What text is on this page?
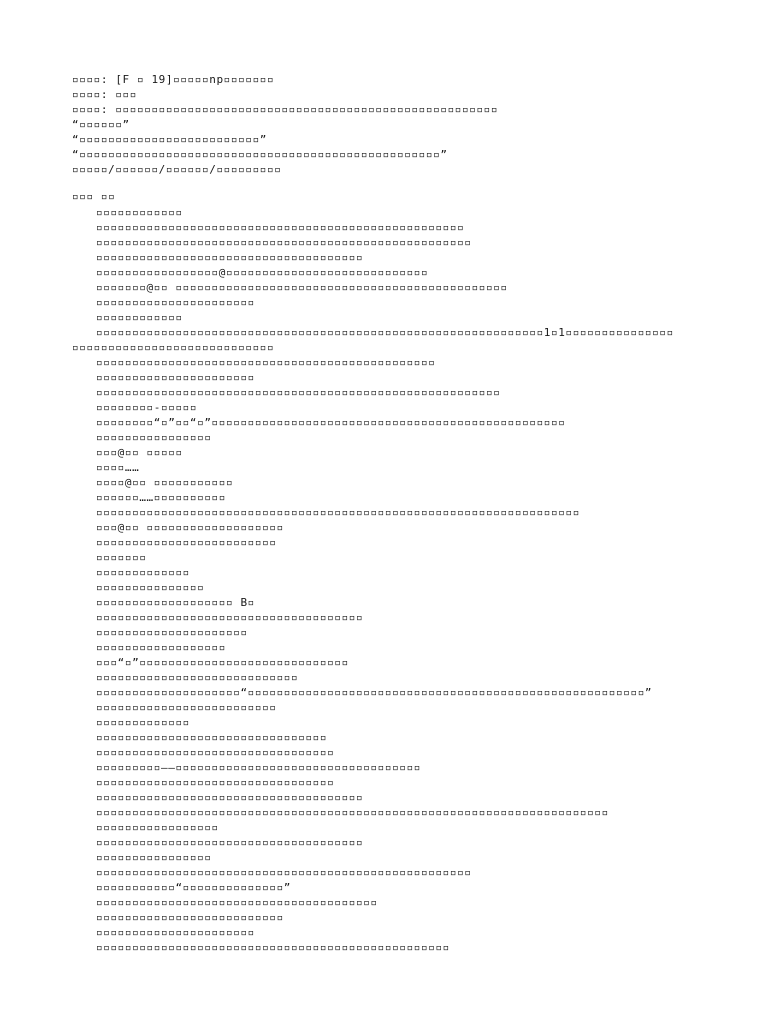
▫▫▫▫: [F ▫ 19]▫▫▫▫▫np▫▫▫▫▫▫▫
▫▫▫▫: ▫▫▫
▫▫▫▫: ▫▫▫▫▫▫▫▫▫▫▫▫▫▫▫▫▫▫▫▫▫▫▫▫▫▫▫▫▫▫▫▫▫▫▫▫▫▫▫▫▫▫▫▫▫▫▫▫▫▫▫▫▫
“▫▫▫▫▫▫”
“▫▫▫▫▫▫▫▫▫▫▫▫▫▫▫▫▫▫▫▫▫▫▫▫▫”
“▫▫▫▫▫▫▫▫▫▫▫▫▫▫▫▫▫▫▫▫▫▫▫▫▫▫▫▫▫▫▫▫▫▫▫▫▫▫▫▫▫▫▫▫▫▫▫▫▫▫”
▫▫▫▫▫/▫▫▫▫▫▫/▫▫▫▫▫▫/▫▫▫▫▫▫▫▫▫
▫▫▫ ▫▫
▫▫▫▫▫▫▫▫▫▫▫▫
▫▫▫▫▫▫▫▫▫▫▫▫▫▫▫▫▫▫▫▫▫▫▫▫▫▫▫▫▫▫▫▫▫▫▫▫▫▫▫▫▫▫▫▫▫▫▫▫▫▫▫
▫▫▫▫▫▫▫▫▫▫▫▫▫▫▫▫▫▫▫▫▫▫▫▫▫▫▫▫▫▫▫▫▫▫▫▫▫▫▫▫▫▫▫▫▫▫▫▫▫▫▫▫
▫▫▫▫▫▫▫▫▫▫▫▫▫▫▫▫▫▫▫▫▫▫▫▫▫▫▫▫▫▫▫▫▫▫▫▫▫
▫▫▫▫▫▫▫▫▫▫▫▫▫▫▫▫▫@▫▫▫▫▫▫▫▫▫▫▫▫▫▫▫▫▫▫▫▫▫▫▫▫▫▫▫▫
▫▫▫▫▫▫▫@▫▫ ▫▫▫▫▫▫▫▫▫▫▫▫▫▫▫▫▫▫▫▫▫▫▫▫▫▫▫▫▫▫▫▫▫▫▫▫▫▫▫▫▫▫▫▫▫▫
▫▫▫▫▫▫▫▫▫▫▫▫▫▫▫▫▫▫▫▫▫▫
▫▫▫▫▫▫▫▫▫▫▫▫
▫▫▫▫▫▫▫▫▫▫▫▫▫▫▫▫▫▫▫▫▫▫▫▫▫▫▫▫▫▫▫▫▫▫▫▫▫▫▫▫▫▫▫▫▫▫▫▫▫▫▫▫▫▫▫▫▫▫▫▫▫▫1▫1▫▫▫▫▫▫▫▫▫▫▫▫▫▫▫
▫▫▫▫▫▫▫▫▫▫▫▫▫▫▫▫▫▫▫▫▫▫▫▫▫▫▫▫
▫▫▫▫▫▫▫▫▫▫▫▫▫▫▫▫▫▫▫▫▫▫▫▫▫▫▫▫▫▫▫▫▫▫▫▫▫▫▫▫▫▫▫▫▫▫▫
▫▫▫▫▫▫▫▫▫▫▫▫▫▫▫▫▫▫▫▫▫▫
▫▫▫▫▫▫▫▫▫▫▫▫▫▫▫▫▫▫▫▫▫▫▫▫▫▫▫▫▫▫▫▫▫▫▫▫▫▫▫▫▫▫▫▫▫▫▫▫▫▫▫▫▫▫▫▫
▫▫▫▫▫▫▫▫-▫▫▫▫▫
▫▫▫▫▫▫▫▫“▫”▫▫“▫”▫▫▫▫▫▫▫▫▫▫▫▫▫▫▫▫▫▫▫▫▫▫▫▫▫▫▫▫▫▫▫▫▫▫▫▫▫▫▫▫▫▫▫▫▫▫▫▫▫
▫▫▫▫▫▫▫▫▫▫▫▫▫▫▫▫
▫▫▫@▫▫ ▫▫▫▫▫
▫▫▫▫……
▫▫▫▫@▫▫ ▫▫▫▫▫▫▫▫▫▫▫
▫▫▫▫▫▫……▫▫▫▫▫▫▫▫▫▫
▫▫▫▫▫▫▫▫▫▫▫▫▫▫▫▫▫▫▫▫▫▫▫▫▫▫▫▫▫▫▫▫▫▫▫▫▫▫▫▫▫▫▫▫▫▫▫▫▫▫▫▫▫▫▫▫▫▫▫▫▫▫▫▫▫▫▫
▫▫▫@▫▫ ▫▫▫▫▫▫▫▫▫▫▫▫▫▫▫▫▫▫▫
▫▫▫▫▫▫▫▫▫▫▫▫▫▫▫▫▫▫▫▫▫▫▫▫▫
▫▫▫▫▫▫▫
▫▫▫▫▫▫▫▫▫▫▫▫▫
▫▫▫▫▫▫▫▫▫▫▫▫▫▫▫
▫▫▫▫▫▫▫▫▫▫▫▫▫▫▫▫▫▫▫ B▫
▫▫▫▫▫▫▫▫▫▫▫▫▫▫▫▫▫▫▫▫▫▫▫▫▫▫▫▫▫▫▫▫▫▫▫▫▫
▫▫▫▫▫▫▫▫▫▫▫▫▫▫▫▫▫▫▫▫▫
▫▫▫▫▫▫▫▫▫▫▫▫▫▫▫▫▫▫
▫▫▫“▫”▫▫▫▫▫▫▫▫▫▫▫▫▫▫▫▫▫▫▫▫▫▫▫▫▫▫▫▫▫
▫▫▫▫▫▫▫▫▫▫▫▫▫▫▫▫▫▫▫▫▫▫▫▫▫▫▫▫
▫▫▫▫▫▫▫▫▫▫▫▫▫▫▫▫▫▫▫▫“▫▫▫▫▫▫▫▫▫▫▫▫▫▫▫▫▫▫▫▫▫▫▫▫▫▫▫▫▫▫▫▫▫▫▫▫▫▫▫▫▫▫▫▫▫▫▫▫▫▫▫▫▫▫▫”
▫▫▫▫▫▫▫▫▫▫▫▫▫▫▫▫▫▫▫▫▫▫▫▫▫
▫▫▫▫▫▫▫▫▫▫▫▫▫
▫▫▫▫▫▫▫▫▫▫▫▫▫▫▫▫▫▫▫▫▫▫▫▫▫▫▫▫▫▫▫▫
▫▫▫▫▫▫▫▫▫▫▫▫▫▫▫▫▫▫▫▫▫▫▫▫▫▫▫▫▫▫▫▫▫
▫▫▫▫▫▫▫▫▫——▫▫▫▫▫▫▫▫▫▫▫▫▫▫▫▫▫▫▫▫▫▫▫▫▫▫▫▫▫▫▫▫▫▫
▫▫▫▫▫▫▫▫▫▫▫▫▫▫▫▫▫▫▫▫▫▫▫▫▫▫▫▫▫▫▫▫▫
▫▫▫▫▫▫▫▫▫▫▫▫▫▫▫▫▫▫▫▫▫▫▫▫▫▫▫▫▫▫▫▫▫▫▫▫▫
▫▫▫▫▫▫▫▫▫▫▫▫▫▫▫▫▫▫▫▫▫▫▫▫▫▫▫▫▫▫▫▫▫▫▫▫▫▫▫▫▫▫▫▫▫▫▫▫▫▫▫▫▫▫▫▫▫▫▫▫▫▫▫▫▫▫▫▫▫▫▫
▫▫▫▫▫▫▫▫▫▫▫▫▫▫▫▫▫
▫▫▫▫▫▫▫▫▫▫▫▫▫▫▫▫▫▫▫▫▫▫▫▫▫▫▫▫▫▫▫▫▫▫▫▫▫
▫▫▫▫▫▫▫▫▫▫▫▫▫▫▫▫
▫▫▫▫▫▫▫▫▫▫▫▫▫▫▫▫▫▫▫▫▫▫▫▫▫▫▫▫▫▫▫▫▫▫▫▫▫▫▫▫▫▫▫▫▫▫▫▫▫▫▫▫
▫▫▫▫▫▫▫▫▫▫▫“▫▫▫▫▫▫▫▫▫▫▫▫▫▫”
▫▫▫▫▫▫▫▫▫▫▫▫▫▫▫▫▫▫▫▫▫▫▫▫▫▫▫▫▫▫▫▫▫▫▫▫▫▫▫
▫▫▫▫▫▫▫▫▫▫▫▫▫▫▫▫▫▫▫▫▫▫▫▫▫▫
▫▫▫▫▫▫▫▫▫▫▫▫▫▫▫▫▫▫▫▫▫▫
▫▫▫▫▫▫▫▫▫▫▫▫▫▫▫▫▫▫▫▫▫▫▫▫▫▫▫▫▫▫▫▫▫▫▫▫▫▫▫▫▫▫▫▫▫▫▫▫▫
